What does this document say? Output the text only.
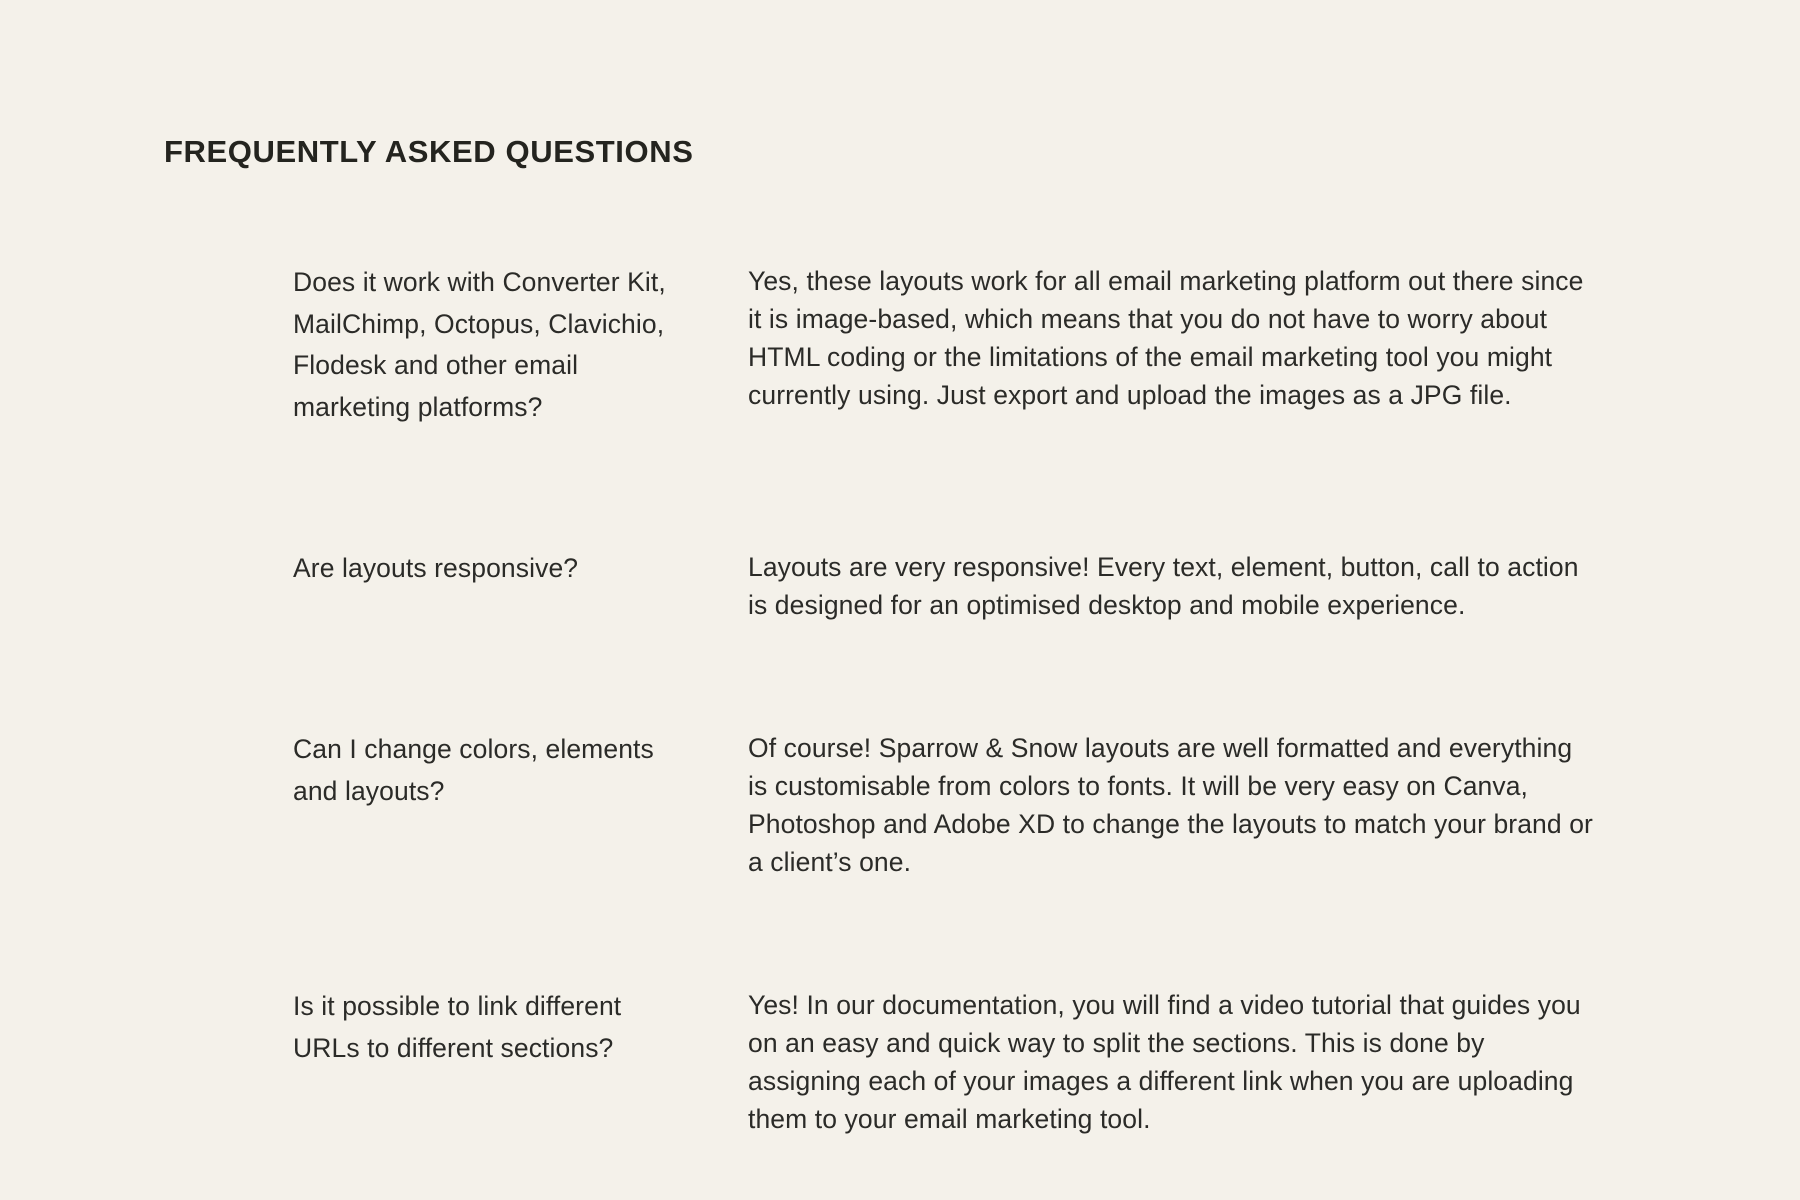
FREQUENTLY ASKED QUESTIONS
Does it work with Converter Kit, MailChimp, Octopus, Clavichio, Flodesk and other email marketing platforms?
Yes, these layouts work for all email marketing platform out there since it is image-based, which means that you do not have to worry about HTML coding or the limitations of the email marketing tool you might currently using. Just export and upload the images as a JPG file.
Are layouts responsive?	Layouts are very responsive! Every text, element, button, call to action is designed for an optimised desktop and mobile experience.
Can I change colors, elements and layouts?
Of course! Sparrow & Snow layouts are well formatted and everything is customisable from colors to fonts. It will be very easy on Canva, Photoshop and Adobe XD to change the layouts to match your brand or a client’s one.
Is it possible to link different URLs to different sections?
Yes! In our documentation, you will find a video tutorial that guides you on an easy and quick way to split the sections. This is done by assigning each of your images a different link when you are uploading them to your email marketing tool.
